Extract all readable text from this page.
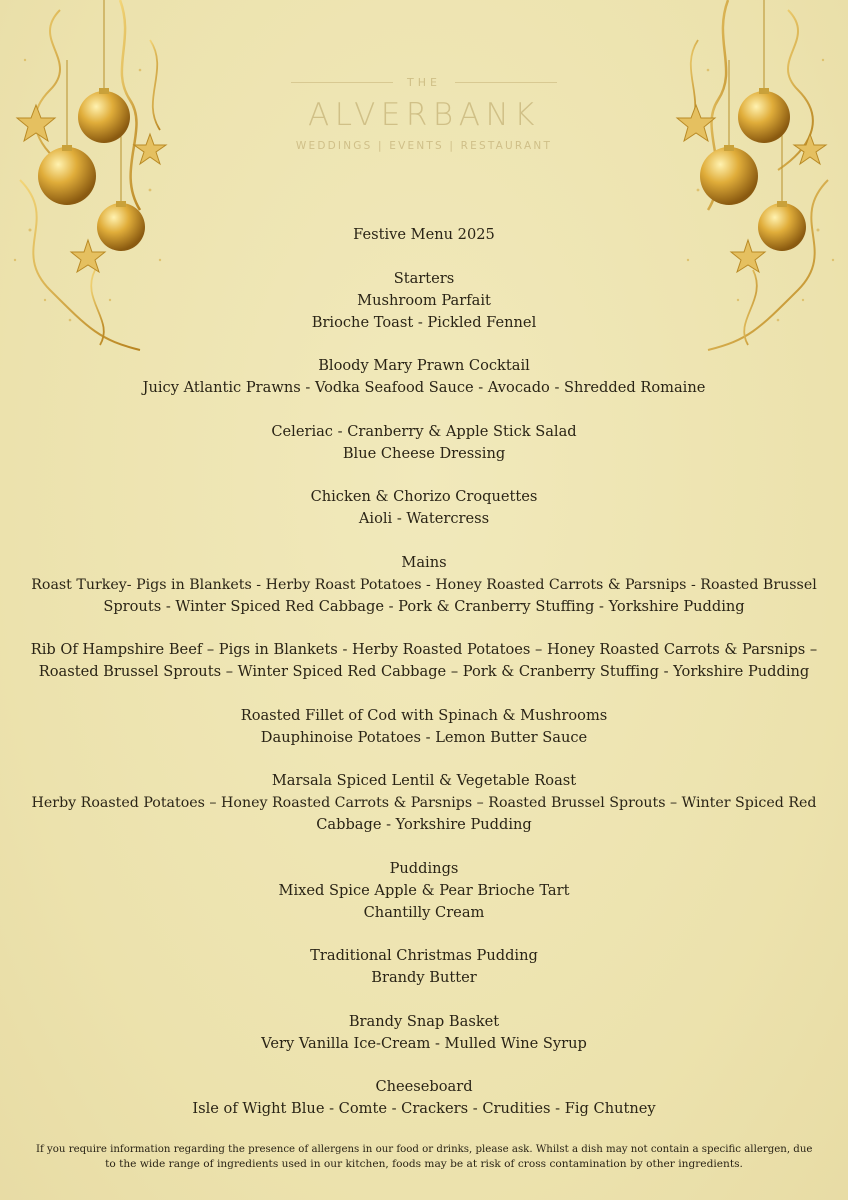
THE
ALVERBANK
WEDDINGS | EVENTS | RESTAURANT
Festive Menu 2025
Starters
Mushroom Parfait
Brioche Toast - Pickled Fennel
Bloody Mary Prawn Cocktail
Juicy Atlantic Prawns - Vodka Seafood Sauce - Avocado - Shredded Romaine
Celeriac - Cranberry & Apple Stick Salad
Blue Cheese Dressing
Chicken & Chorizo Croquettes
Aioli - Watercress
Mains
Roast Turkey- Pigs in Blankets - Herby Roast Potatoes - Honey Roasted Carrots & Parsnips - Roasted Brussel
Sprouts - Winter Spiced Red Cabbage - Pork & Cranberry Stuffing - Yorkshire Pudding
Rib Of Hampshire Beef – Pigs in Blankets - Herby Roasted Potatoes – Honey Roasted Carrots & Parsnips –
Roasted Brussel Sprouts – Winter Spiced Red Cabbage – Pork & Cranberry Stuffing - Yorkshire Pudding
Roasted Fillet of Cod with Spinach & Mushrooms
Dauphinoise Potatoes - Lemon Butter Sauce
Marsala Spiced Lentil & Vegetable Roast
Herby Roasted Potatoes – Honey Roasted Carrots & Parsnips – Roasted Brussel Sprouts – Winter Spiced Red
Cabbage - Yorkshire Pudding
Puddings
Mixed Spice Apple & Pear Brioche Tart
Chantilly Cream
Traditional Christmas Pudding
Brandy Butter
Brandy Snap Basket
Very Vanilla Ice-Cream - Mulled Wine Syrup
Cheeseboard
Isle of Wight Blue - Comte - Crackers - Crudities - Fig Chutney
If you require information regarding the presence of allergens in our food or drinks, please ask. Whilst a dish may not contain a specific allergen, due
to the wide range of ingredients used in our kitchen, foods may be at risk of cross contamination by other ingredients.
